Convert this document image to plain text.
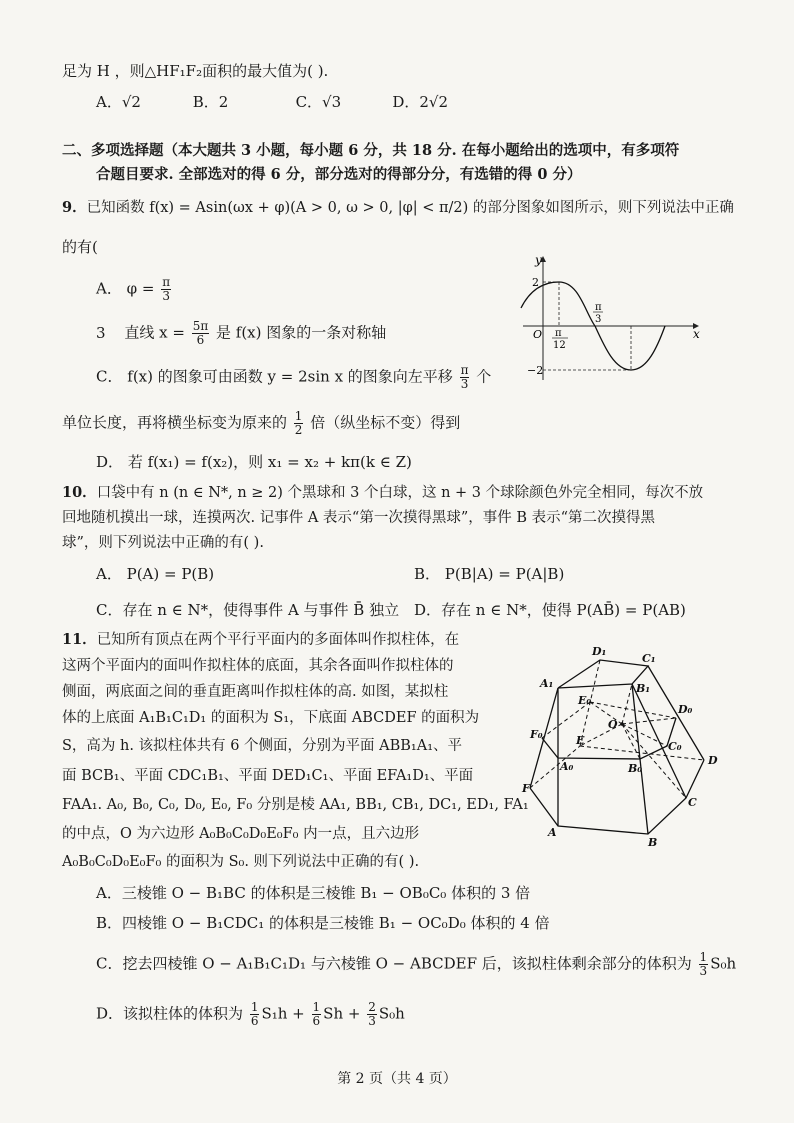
足为 H ，则△HF₁F₂面积的最大值为( ).
A．√2	B．2	C．√3	D．2√2
二、多项选择题（本大题共 3 小题，每小题 6 分，共 18 分. 在每小题给出的选项中，有多项符
合题目要求. 全部选对的得 6 分，部分选对的得部分分，有选错的得 0 分）
9．已知函数 f(x) = Asin(ωx + φ)(A > 0, ω > 0, |φ| < π/2) 的部分图象如图所示，则下列说法中正确
的有(
A． $\varphi = \frac{\pi}{3}$
3 直线 $x = \frac{5\pi}{6}$ 是 f(x) 图象的一条对称轴
C． f(x) 的图象可由函数 y = 2sin x 的图象向左平移 $\frac{\pi}{3}$ 个
单位长度，再将横坐标变为原来的 $\frac{1}{2}$ 倍（纵坐标不变）得到
D． 若 f(x₁) = f(x₂)，则 x₁ = x₂ + kπ(k ∈ Z)
y
x
O
2
−2
π
12
π
3
10．口袋中有 n (n ∈ N*, n ≥ 2) 个黑球和 3 个白球，这 n + 3 个球除颜色外完全相同，每次不放
回地随机摸出一球，连摸两次. 记事件 A 表示“第一次摸得黑球”，事件 B 表示“第二次摸得黑
球”，则下列说法中正确的有( ).
A． P(A) = P(B)	B． P(B|A) = P(A|B)
C．存在 n ∈ N*，使得事件 A 与事件 B̄ 独立 D．存在 n ∈ N*，使得 P(AB̄) = P(AB)
11．已知所有顶点在两个平行平面内的多面体叫作拟柱体，在
这两个平面内的面叫作拟柱体的底面，其余各面叫作拟柱体的
侧面，两底面之间的垂直距离叫作拟柱体的高. 如图，某拟柱
体的上底面 A₁B₁C₁D₁ 的面积为 S₁，下底面 ABCDEF 的面积为
S，高为 h. 该拟柱体共有 6 个侧面，分别为平面 ABB₁A₁、平
面 BCB₁、平面 CDC₁B₁、平面 DED₁C₁、平面 EFA₁D₁、平面
FAA₁. A₀, B₀, C₀, D₀, E₀, F₀ 分别是棱 AA₁, BB₁, CB₁, DC₁, ED₁, FA₁
的中点，O 为六边形 A₀B₀C₀D₀E₀F₀ 内一点，且六边形
A₀B₀C₀D₀E₀F₀ 的面积为 S₀. 则下列说法中正确的有( ).
A．三棱锥 O − B₁BC 的体积是三棱锥 B₁ − OB₀C₀ 体积的 3 倍
B．四棱锥 O − B₁CDC₁ 的体积是三棱锥 B₁ − OC₀D₀ 体积的 4 倍
C．挖去四棱锥 O − A₁B₁C₁D₁ 与六棱锥 O − ABCDEF 后，该拟柱体剩余部分的体积为 $\frac{1}{3} S_0h$
D．该拟柱体的体积为 $\frac{1}{6} S_1h + \frac{1}{6}$ $Sh + \frac{2}{3} S_0h$
D₁
C₁
A₁	B₁
E₀
D₀
O
F₀	E	C₀
A₀	B₀
D
F
C
A
B
第 2 页（共 4 页）
